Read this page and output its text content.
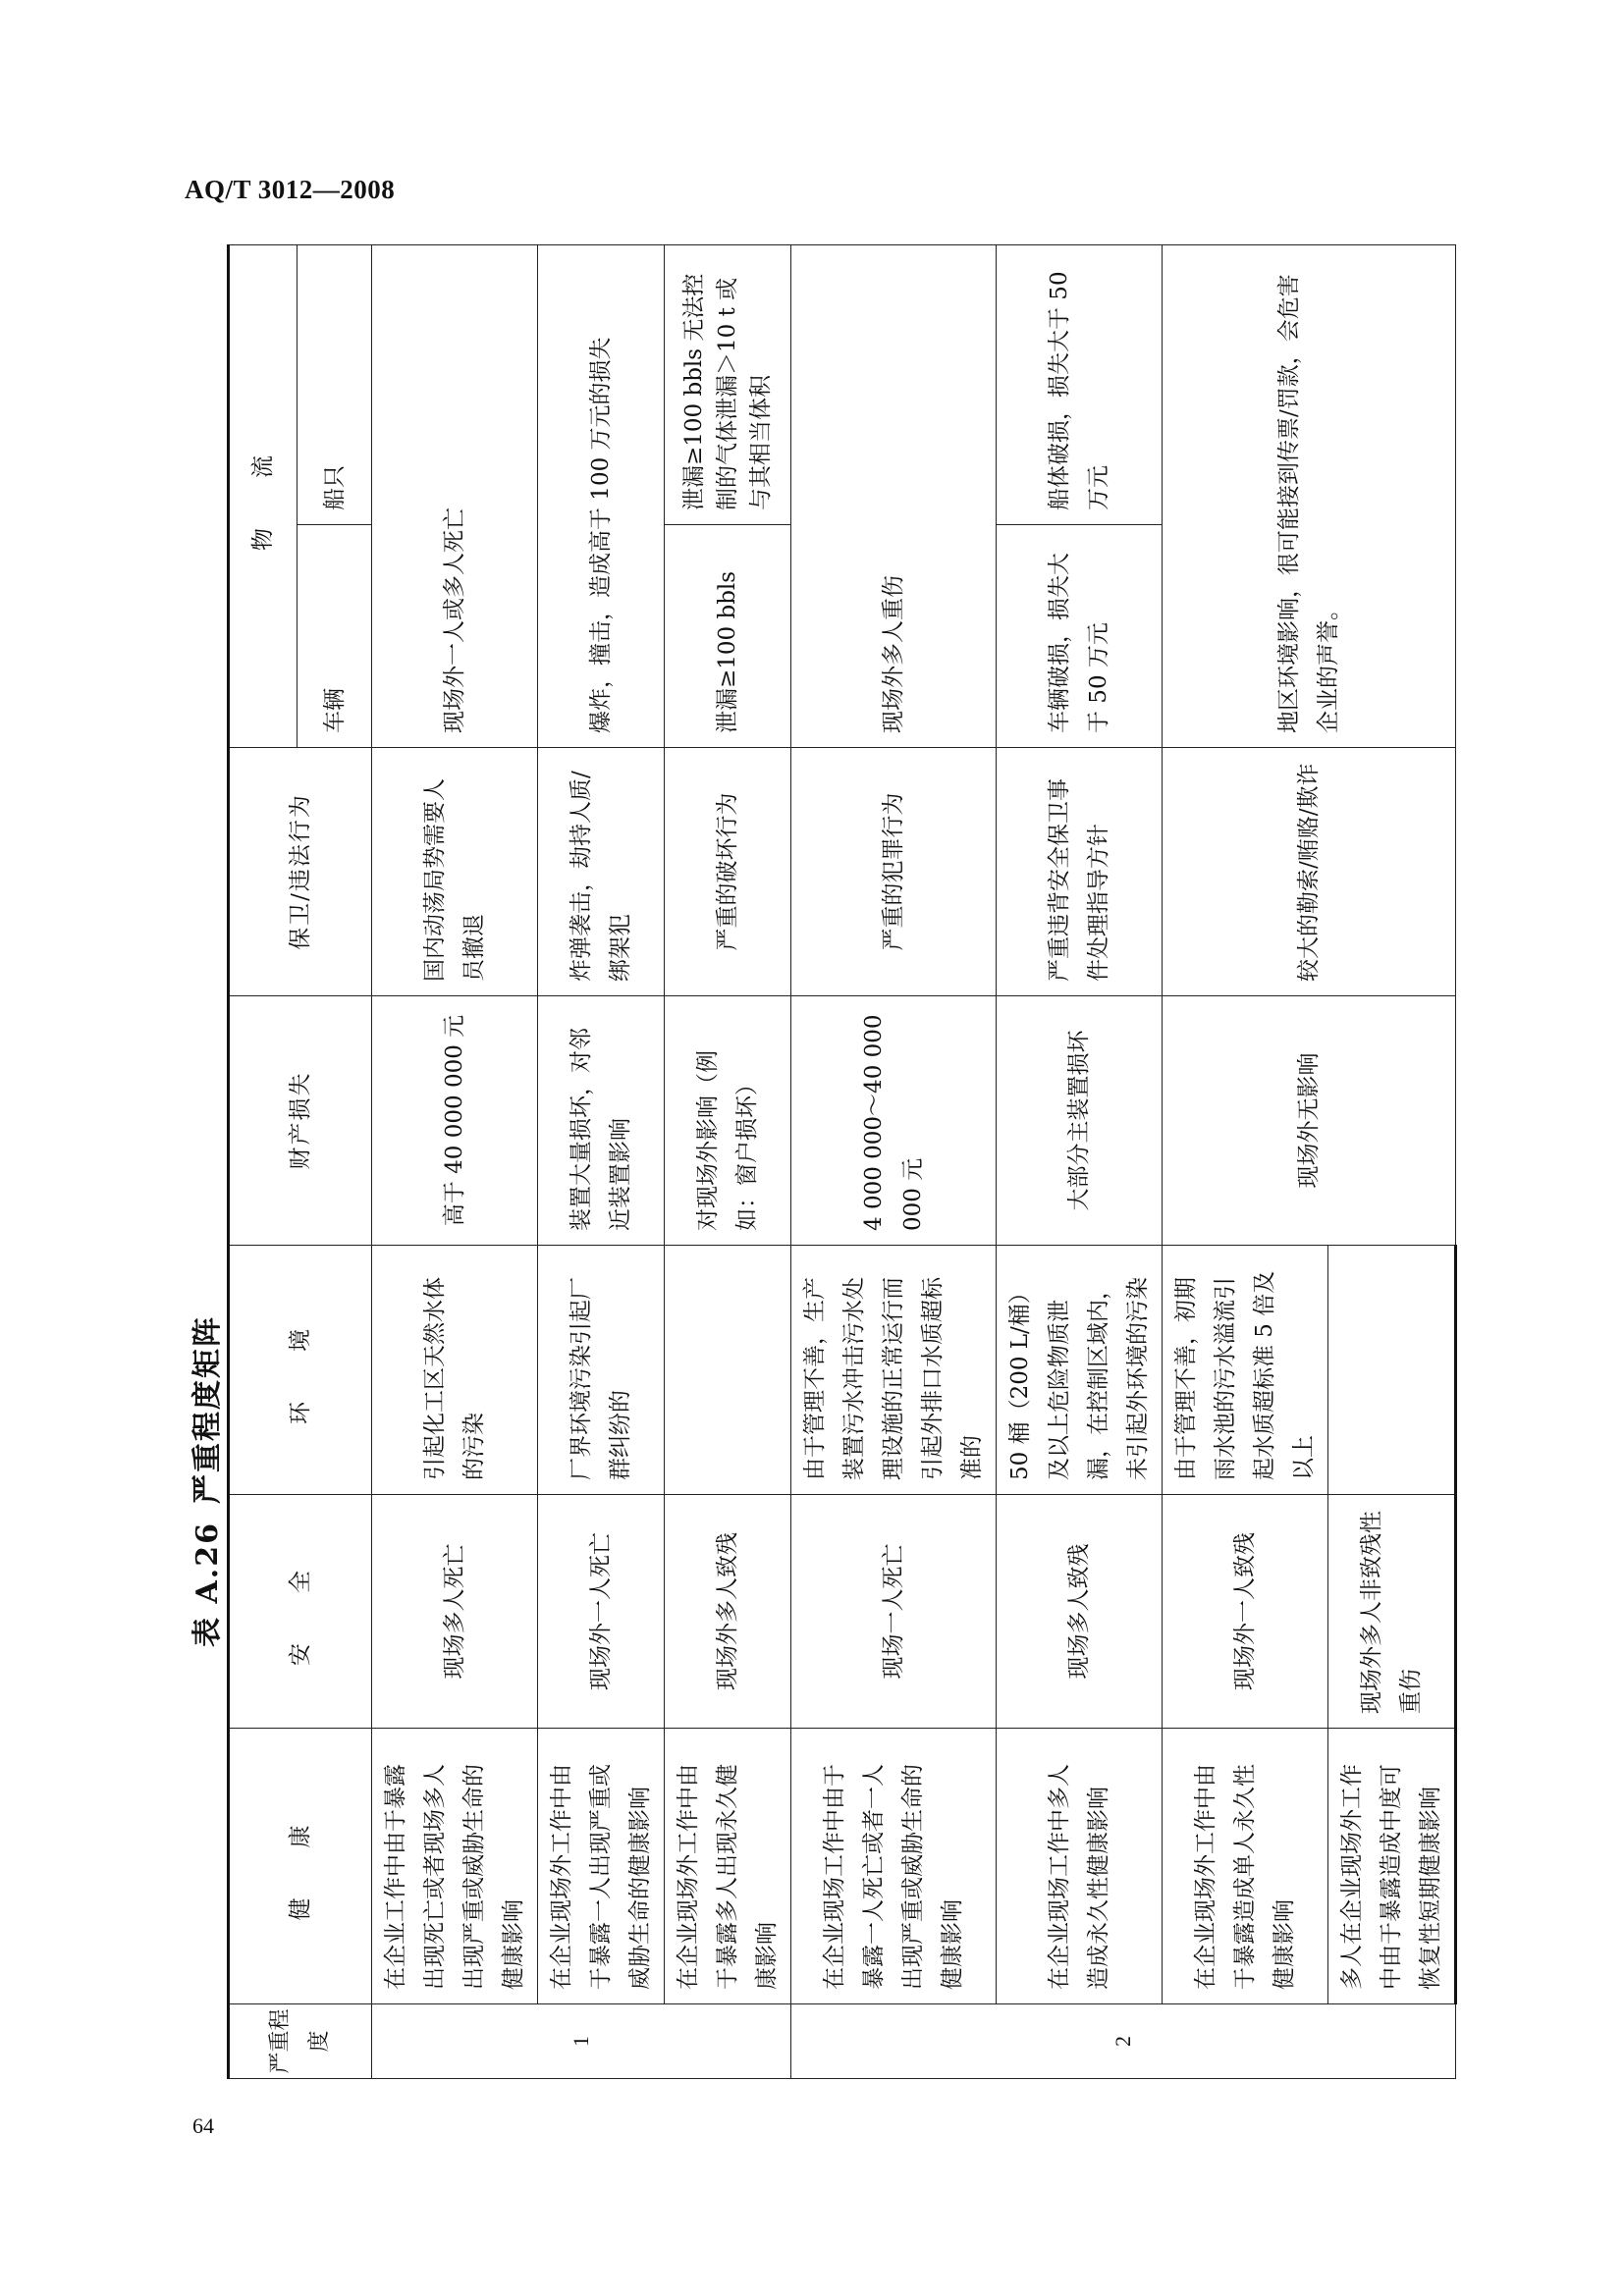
AQ/T 3012—2008
表 A.26严重程度矩阵
严重程度	健　康	安　全	环　境	财产损失	保卫/违法行为	物　流	
						车辆	船只
1	在企业工作中由于暴露出现死亡或者现场多人出现严重或威胁生命的健康影响	现场多人死亡	引起化工区天然水体的污染	高于 40 000 000 元	国内动荡局势需要人员撤退	现场外一人或多人死亡	
	在企业现场外工作中由于暴露一人出现严重或威胁生命的健康影响	现场外一人死亡	厂界环境污染引起厂群纠纷的	装置大量损坏，对邻近装置影响	炸弹袭击，劫持人质/绑架犯	爆炸，撞击，造成高于 100 万元的损失	
	在企业现场外工作中由于暴露多人出现永久健康影响	现场外多人致残		对现场外影响（例如：窗户损坏）	严重的破坏行为	泄漏≥100 bbls	泄漏≥100 bbls 无法控制的气体泄漏＞10 t 或与其相当体积
2	在企业现场工作中由于暴露一人死亡或者一人出现严重或威胁生命的健康影响	现场一人死亡	由于管理不善，生产装置污水冲击污水处理设施的正常运行而引起外排口水质超标准的	4 000 000～40 000 000 元	严重的犯罪行为	现场外多人重伤	
	在企业现场工作中多人造成永久性健康影响	现场多人致残	50 桶（200 L/桶）及以上危险物质泄漏，在控制区域内，未引起外环境的污染	大部分主装置损坏	严重违背安全保卫事件处理指导方针	车辆破损，损失大于 50 万元	船体破损，损失大于 50 万元
	在企业现场外工作中由于暴露造成单人永久性健康影响	现场外一人致残	由于管理不善，初期雨水池的污水溢流引起水质超标准 5 倍及以上	现场外无影响	较大的勒索/贿赂/欺诈	地区环境影响，很可能接到传票/罚款，会危害企业的声誉。	
	多人在企业现场外工作中由于暴露造成中度可恢复性短期健康影响	现场外多人非致残性重伤					
64
